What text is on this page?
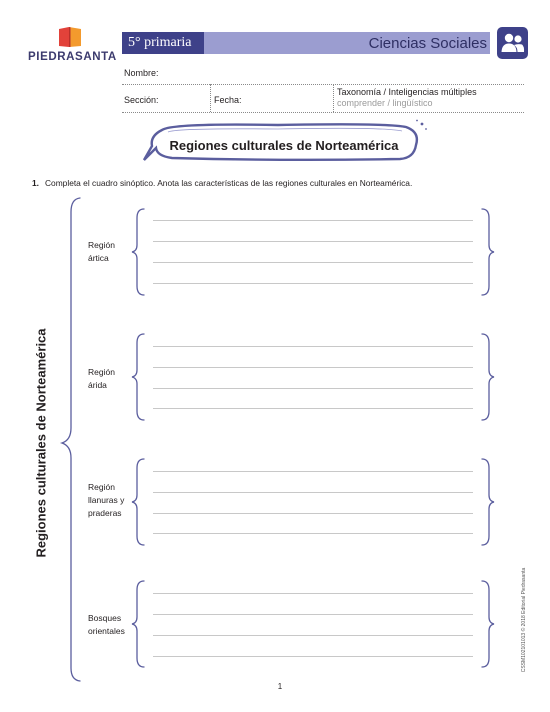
PIEDRASANTA
5° primaria	Ciencias Sociales
Nombre:
Sección:	Fecha:
Taxonomía / Inteligencias múltiples
comprender / lingüístico
Regiones culturales de Norteamérica
1. Completa el cuadro sinóptico. Anota las características de las regiones culturales en Norteamérica.
Regiones culturales de Norteamérica
Región
ártica
Región
árida
Región
llanuras y
praderas
Bosques
orientales	CSSM102101013 © 2018 Editorial Piedrasanta
1
